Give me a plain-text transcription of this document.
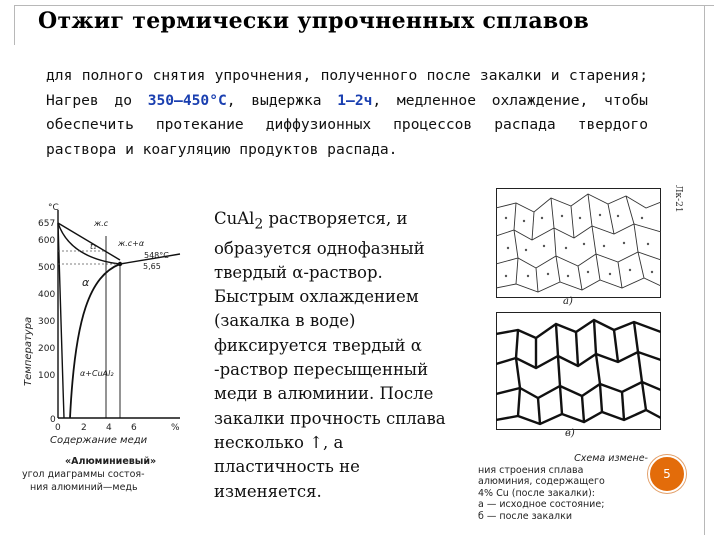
Отжиг термически упрочненных сплавов
для полного снятия упрочнения, полученного после закалки и старения; Нагрев до 350—450°С, выдержка 1—2ч, медленное охлаждение, чтобы обеспечить протекание диффузионных процессов распада твердого раствора и коагуляцию продуктов распада.
Лк-21
°C
657
600
500
400
300
200
100
0
Температура
ж.с
ж.с+α
548°С
5,65
t₁
α
α+CuAl₂
0 2 4 6	%
Содержание меди
«Алюминиевый»
угол диаграммы состоя-
ния алюминий—медь
CuAl$_2$ растворяется, и образуется однофазный твердый α-раствор. Быстрым охлаждением (закалка в воде) фиксируется твердый α -раствор пересыщенный меди в алюминии. После закалки прочность сплава несколько ↑, а пластичность не изменяется.
а)
в)
Схема измене-
ния строения сплава
алюминия, содержащего
4% Cu (после закалки):
а — исходное состояние;
б — после закалки
5
